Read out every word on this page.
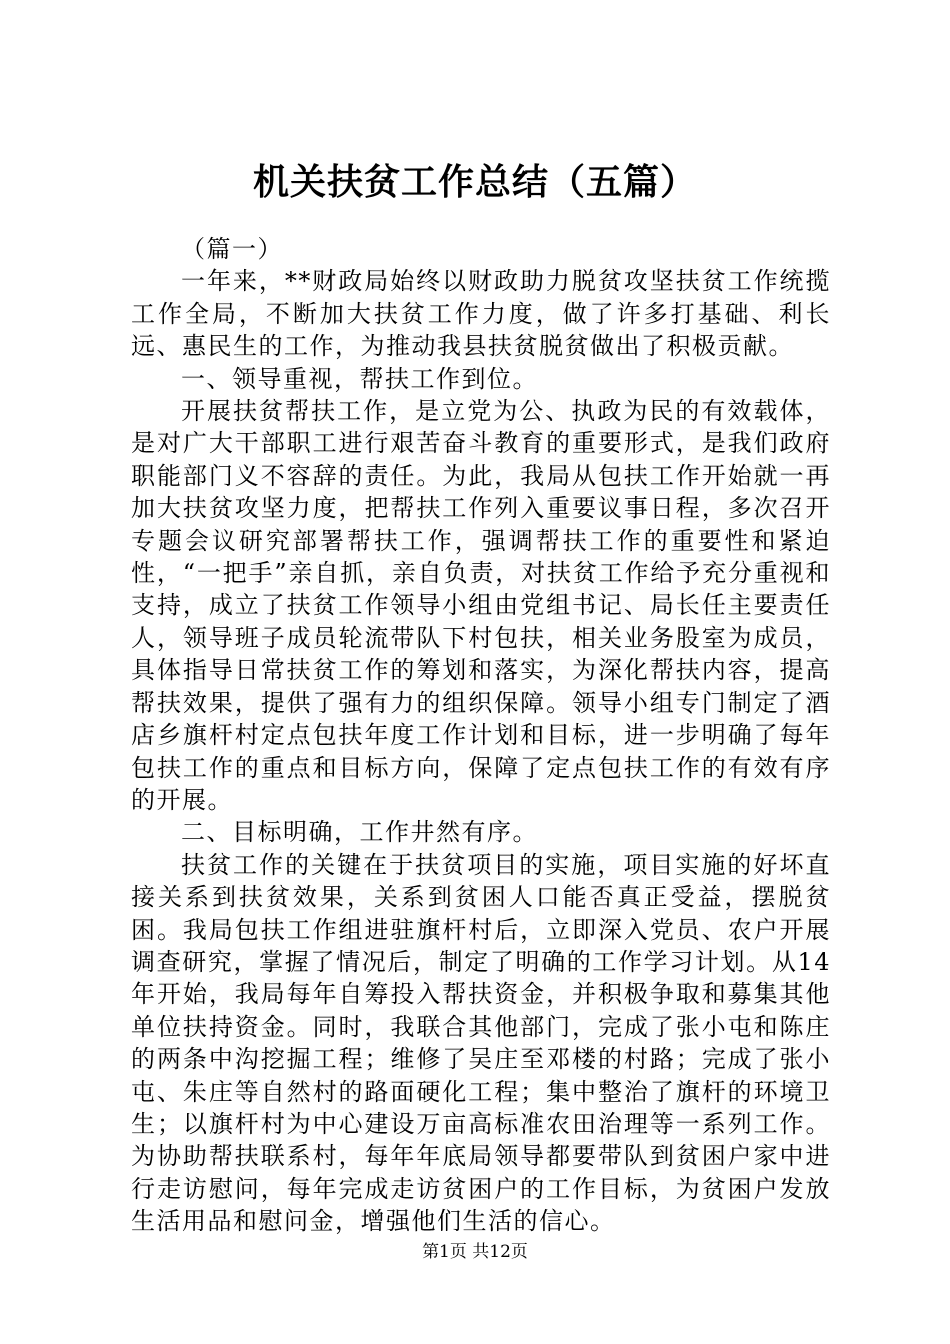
机关扶贫工作总结（五篇）

（篇一）

一年来，**财政局始终以财政助力脱贫攻坚扶贫工作统揽工作全局，不断加大扶贫工作力度，做了许多打基础、利长远、惠民生的工作，为推动我县扶贫脱贫做出了积极贡献。

一、领导重视，帮扶工作到位。

开展扶贫帮扶工作，是立党为公、执政为民的有效载体，是对广大干部职工进行艰苦奋斗教育的重要形式，是我们政府职能部门义不容辞的责任。为此，我局从包扶工作开始就一再加大扶贫攻坚力度，把帮扶工作列入重要议事日程，多次召开专题会议研究部署帮扶工作，强调帮扶工作的重要性和紧迫性，“一把手”亲自抓，亲自负责，对扶贫工作给予充分重视和支持，成立了扶贫工作领导小组由党组书记、局长任主要责任人，领导班子成员轮流带队下村包扶，相关业务股室为成员，具体指导日常扶贫工作的筹划和落实，为深化帮扶内容，提高帮扶效果，提供了强有力的组织保障。领导小组专门制定了酒店乡旗杆村定点包扶年度工作计划和目标，进一步明确了每年包扶工作的重点和目标方向，保障了定点包扶工作的有效有序的开展。

二、目标明确，工作井然有序。

扶贫工作的关键在于扶贫项目的实施，项目实施的好坏直接关系到扶贫效果，关系到贫困人口能否真正受益，摆脱贫困。我局包扶工作组进驻旗杆村后，立即深入党员、农户开展调查研究，掌握了情况后，制定了明确的工作学习计划。从14年开始，我局每年自筹投入帮扶资金，并积极争取和募集其他单位扶持资金。同时，我联合其他部门，完成了张小屯和陈庄的两条中沟挖掘工程；维修了吴庄至邓楼的村路；完成了张小屯、朱庄等自然村的路面硬化工程；集中整治了旗杆的环境卫生；以旗杆村为中心建设万亩高标准农田治理等一系列工作。为协助帮扶联系村，每年年底局领导都要带队到贫困户家中进行走访慰问，每年完成走访贫困户的工作目标，为贫困户发放生活用品和慰问金，增强他们生活的信心。

第1页 共12页
